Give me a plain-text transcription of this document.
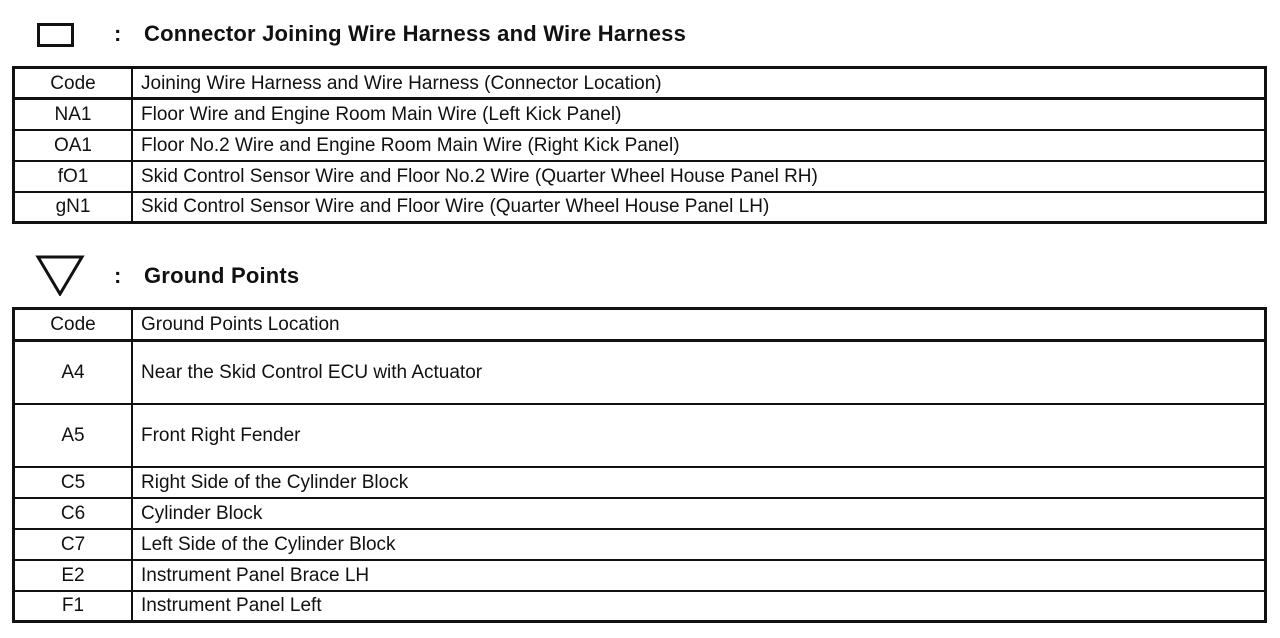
: Connector Joining Wire Harness and Wire Harness
Code	Joining Wire Harness and Wire Harness (Connector Location)
NA1	Floor Wire and Engine Room Main Wire (Left Kick Panel)
OA1	Floor No.2 Wire and Engine Room Main Wire (Right Kick Panel)
fO1	Skid Control Sensor Wire and Floor No.2 Wire (Quarter Wheel House Panel RH)
gN1	Skid Control Sensor Wire and Floor Wire (Quarter Wheel House Panel LH)
: Ground Points
Code	Ground Points Location
A4	Near the Skid Control ECU with Actuator
A5	Front Right Fender
C5	Right Side of the Cylinder Block
C6	Cylinder Block
C7	Left Side of the Cylinder Block
E2	Instrument Panel Brace LH
F1	Instrument Panel Left
